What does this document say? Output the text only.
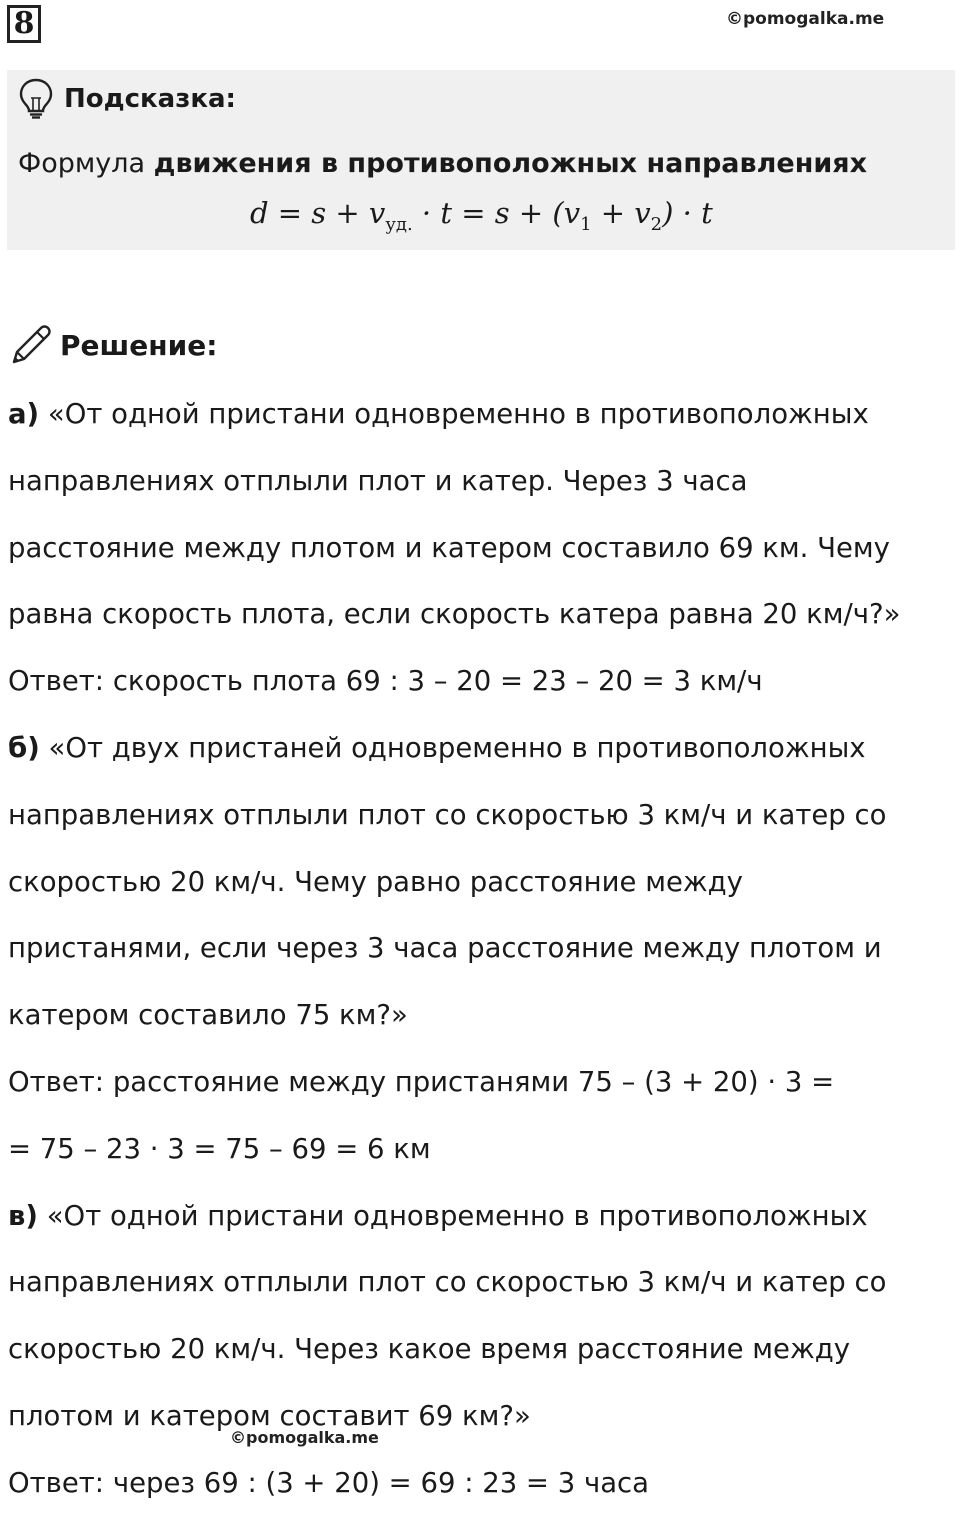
8	©pomogalka.me
Подсказка:
Формула движения в противоположных направлениях
$d = s + v_{уд.} \cdot t = s + (v_1 + v_2) \cdot t$
Решение:
а) «От одной пристани одновременно в противоположных
направлениях отплыли плот и катер. Через 3 часа
расстояние между плотом и катером составило 69 км. Чему
равна скорость плота, если скорость катера равна 20 км/ч?»
Ответ: скорость плота 69 : 3 – 20 = 23 – 20 = 3 км/ч
б) «От двух пристаней одновременно в противоположных
направлениях отплыли плот со скоростью 3 км/ч и катер со
скоростью 20 км/ч. Чему равно расстояние между
пристанями, если через 3 часа расстояние между плотом и
катером составило 75 км?»
Ответ: расстояние между пристанями 75 – (3 + 20) · 3 =
= 75 – 23 · 3 = 75 – 69 = 6 км
в) «От одной пристани одновременно в противоположных
направлениях отплыли плот со скоростью 3 км/ч и катер со
скоростью 20 км/ч. Через какое время расстояние между
плотом и катером составит 69 км?»
Ответ: через 69 : (3 + 20) = 69 : 23 = 3 часа
©pomogalka.me
